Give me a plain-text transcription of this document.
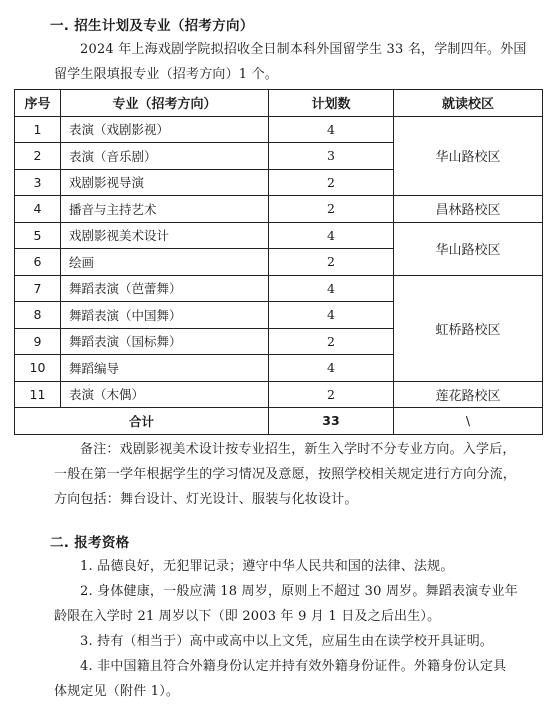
一. 招生计划及专业（招考方向）
2024 年上海戏剧学院拟招收全日制本科外国留学生 33 名，学制四年。外国
留学生限填报专业（招考方向）1 个。
序号	专业（招考方向）	计划数	就读校区
1	表演（戏剧影视）	4	华山路校区
2	表演（音乐剧）	3	
3	戏剧影视导演	2	
4	播音与主持艺术	2	昌林路校区
5	戏剧影视美术设计	4	华山路校区
6	绘画	2	
7	舞蹈表演（芭蕾舞）	4	虹桥路校区
8	舞蹈表演（中国舞）	4	
9	舞蹈表演（国标舞）	2	
10	舞蹈编导	4	
11	表演（木偶）	2	莲花路校区
合计		33	\
备注：戏剧影视美术设计按专业招生，新生入学时不分专业方向。入学后，
一般在第一学年根据学生的学习情况及意愿，按照学校相关规定进行方向分流，
方向包括：舞台设计、灯光设计、服装与化妆设计。
二. 报考资格
1. 品德良好，无犯罪记录；遵守中华人民共和国的法律、法规。
2. 身体健康，一般应满 18 周岁，原则上不超过 30 周岁。舞蹈表演专业年
龄限在入学时 21 周岁以下（即 2003 年 9 月 1 日及之后出生）。
3. 持有（相当于）高中或高中以上文凭，应届生由在读学校开具证明。
4. 非中国籍且符合外籍身份认定并持有效外籍身份证件。外籍身份认定具
体规定见（附件 1）。
